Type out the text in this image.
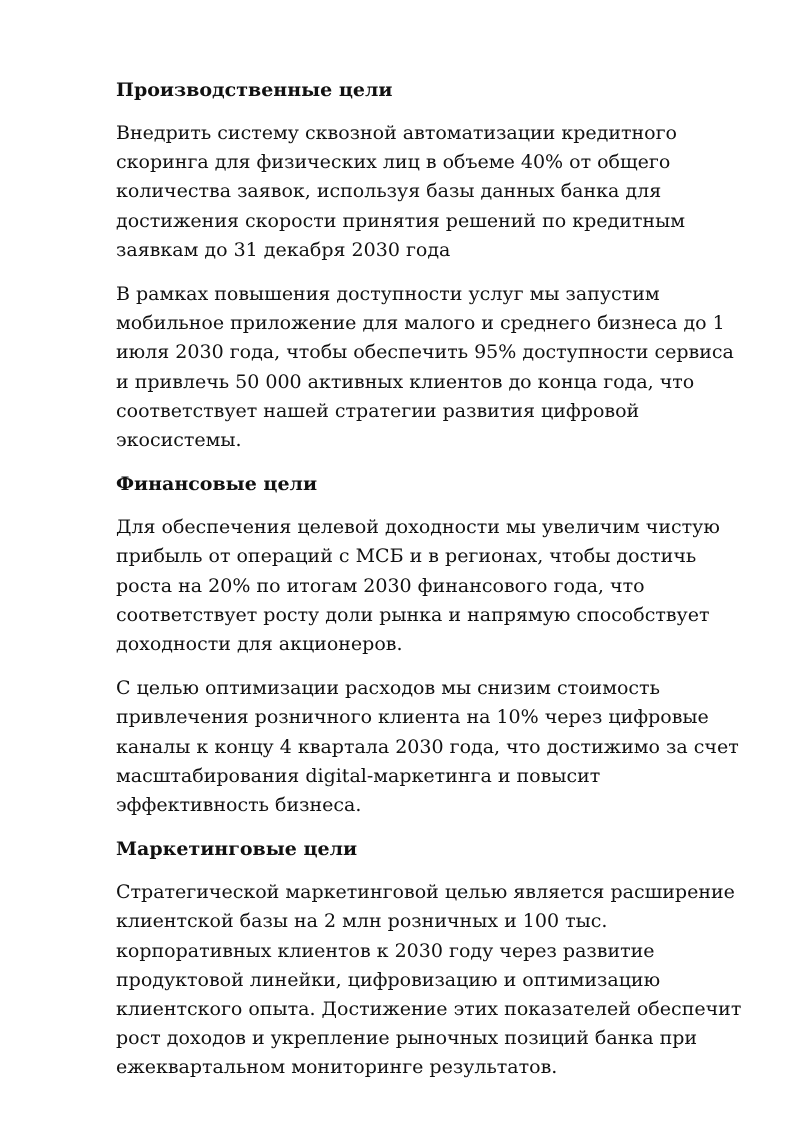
Производственные цели

Внедрить систему сквозной автоматизации кредитного скоринга для физических лиц в объеме 40% от общего количества заявок, используя базы данных банка для достижения скорости принятия решений по кредитным заявкам до 31 декабря 2030 года

В рамках повышения доступности услуг мы запустим мобильное приложение для малого и среднего бизнеса до 1 июля 2030 года, чтобы обеспечить 95% доступности сервиса и привлечь 50 000 активных клиентов до конца года, что соответствует нашей стратегии развития цифровой экосистемы.

Финансовые цели

Для обеспечения целевой доходности мы увеличим чистую прибыль от операций с МСБ и в регионах, чтобы достичь роста на 20% по итогам 2030 финансового года, что соответствует росту доли рынка и напрямую способствует доходности для акционеров.

С целью оптимизации расходов мы снизим стоимость привлечения розничного клиента на 10% через цифровые каналы к концу 4 квартала 2030 года, что достижимо за счет масштабирования digital-маркетинга и повысит эффективность бизнеса.

Маркетинговые цели

Стратегической маркетинговой целью является расширение клиентской базы на 2 млн розничных и 100 тыс. корпоративных клиентов к 2030 году через развитие продуктовой линейки, цифровизацию и оптимизацию клиентского опыта. Достижение этих показателей обеспечит рост доходов и укрепление рыночных позиций банка при ежеквартальном мониторинге результатов.
